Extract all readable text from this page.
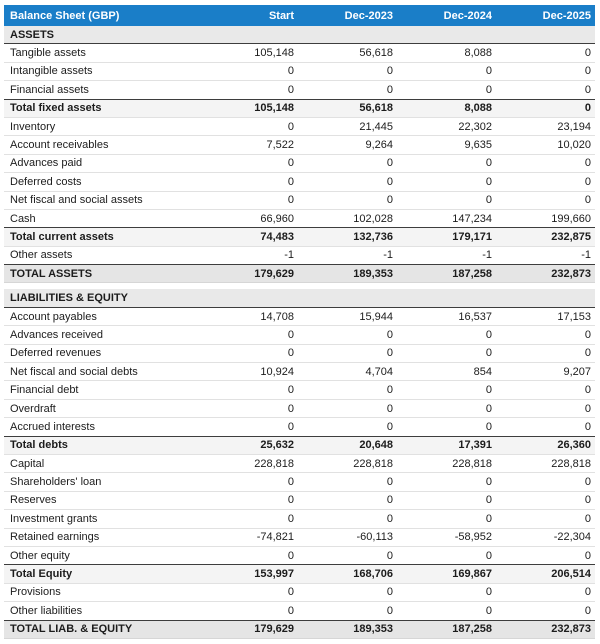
Balance Sheet (GBP)	Start	Dec-2023	Dec-2024	Dec-2025
ASSETS				
Tangible assets	105,148	56,618	8,088	0
Intangible assets	0	0	0	0
Financial assets	0	0	0	0
Total fixed assets	105,148	56,618	8,088	0
Inventory	0	21,445	22,302	23,194
Account receivables	7,522	9,264	9,635	10,020
Advances paid	0	0	0	0
Deferred costs	0	0	0	0
Net fiscal and social assets	0	0	0	0
Cash	66,960	102,028	147,234	199,660
Total current assets	74,483	132,736	179,171	232,875
Other assets	-1	-1	-1	-1
TOTAL ASSETS	179,629	189,353	187,258	232,873

LIABILITIES & EQUITY				
Account payables	14,708	15,944	16,537	17,153
Advances received	0	0	0	0
Deferred revenues	0	0	0	0
Net fiscal and social debts	10,924	4,704	854	9,207
Financial debt	0	0	0	0
Overdraft	0	0	0	0
Accrued interests	0	0	0	0
Total debts	25,632	20,648	17,391	26,360
Capital	228,818	228,818	228,818	228,818
Shareholders' loan	0	0	0	0
Reserves	0	0	0	0
Investment grants	0	0	0	0
Retained earnings	-74,821	-60,113	-58,952	-22,304
Other equity	0	0	0	0
Total Equity	153,997	168,706	169,867	206,514
Provisions	0	0	0	0
Other liabilities	0	0	0	0
TOTAL LIAB. & EQUITY	179,629	189,353	187,258	232,873
